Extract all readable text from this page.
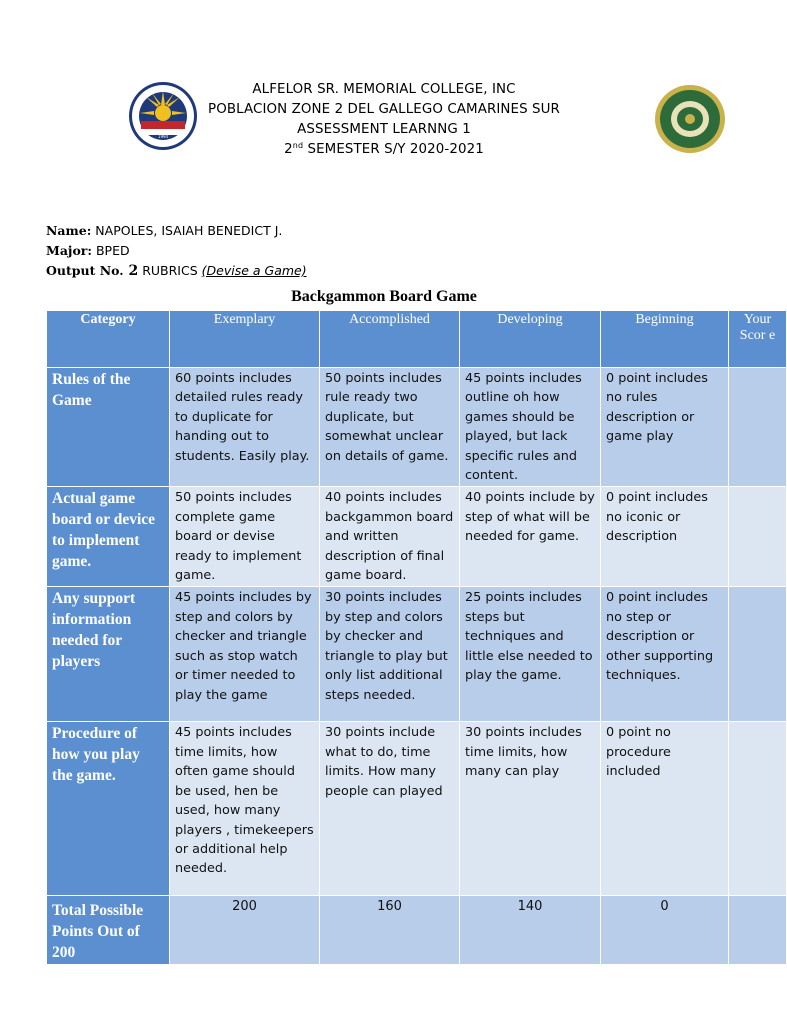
1994
ALFELOR SR. MEMORIAL COLLEGE, INC
POBLACION ZONE 2 DEL GALLEGO CAMARINES SUR
ASSESSMENT LEARNNG 1
2nd SEMESTER S/Y 2020-2021
Name: NAPOLES, ISAIAH BENEDICT J.
Major: BPED
Output No. 2 RUBRICS (Devise a Game)
Backgammon Board Game
Category	Exemplary	Accomplished	Developing	Beginning	Your Scor e
Rules of the Game	60 points includes detailed rules ready to duplicate for handing out to students. Easily play.	50 points includes rule ready two duplicate, but somewhat unclear on details of game.	45 points includes outline oh how games should be played, but lack specific rules and content.	0 point includes no rules description or game play	
Actual game board or device to implement game.	50 points includes complete game board or devise ready to implement game.	40 points includes backgammon board and written description of final game board.	40 points include by step of what will be needed for game.	0 point includes no iconic or description	
Any support information needed for players	45 points includes by step and colors by checker and triangle such as stop watch or timer needed to play the game	30 points includes by step and colors by checker and triangle to play but only list additional steps needed.	25 points includes steps but techniques and little else needed to play the game.	0 point includes no step or description or other supporting techniques.	
Procedure of how you play the game.	45 points includes time limits, how often game should be used, hen be used, how many players , timekeepers or additional help needed.	30 points include what to do, time limits. How many people can played	30 points includes time limits, how many can play	0 point no procedure included	
Total Possible Points Out of 200	200	160	140	0	
